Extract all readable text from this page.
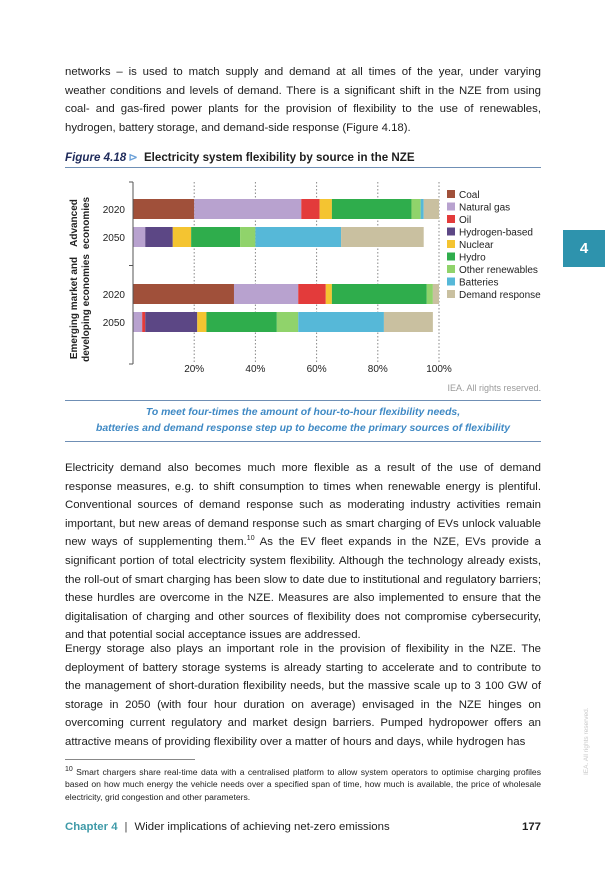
networks – is used to match supply and demand at all times of the year, under varying weather conditions and levels of demand. There is a significant shift in the NZE from using coal- and gas-fired power plants for the provision of flexibility to the use of renewables, hydrogen, battery storage, and demand-side response (Figure 4.18).

Figure 4.18 ⊳ Electricity system flexibility by source in the NZE
2020
2050
2020
2050
20%	40%	60%	80%	100%
Advanced economies
Emerging market and developing economies
Coal
Natural gas
Oil
Hydrogen-based
Nuclear
Hydro
Other renewables
Batteries
Demand response
IEA. All rights reserved.

To meet four-times the amount of hour-to-hour flexibility needs,

batteries and demand response step up to become the primary sources of flexibility

Electricity demand also becomes much more flexible as a result of the use of demand response measures, e.g. to shift consumption to times when renewable energy is plentiful. Conventional sources of demand response such as moderating industry activities remain important, but new areas of demand response such as smart charging of EVs unlock valuable new ways of supplementing them.$^{10}$ As the EV fleet expands in the NZE, EVs provide a significant portion of total electricity system flexibility. Although the technology already exists, the roll-out of smart charging has been slow to date due to institutional and regulatory barriers; these hurdles are overcome in the NZE. Measures are also implemented to ensure that the digitalisation of charging and other sources of flexibility does not compromise cybersecurity, and that potential social acceptance issues are addressed.

Energy storage also plays an important role in the provision of flexibility in the NZE. The deployment of battery storage systems is already starting to accelerate and to contribute to the management of short-duration flexibility needs, but the massive scale up to 3 100 GW of storage in 2050 (with four hour duration on average) envisaged in the NZE hinges on overcoming current regulatory and market design barriers. Pumped hydropower offers an attractive means of providing flexibility over a matter of hours and days, while hydrogen has

$^{10}$ Smart chargers share real-time data with a centralised platform to allow system operators to optimise charging profiles based on how much energy the vehicle needs over a specified span of time, how much is available, the price of wholesale electricity, grid congestion and other parameters.

Chapter 4 | Wider implications of achieving net-zero emissions	177
4
IEA. All rights reserved.
